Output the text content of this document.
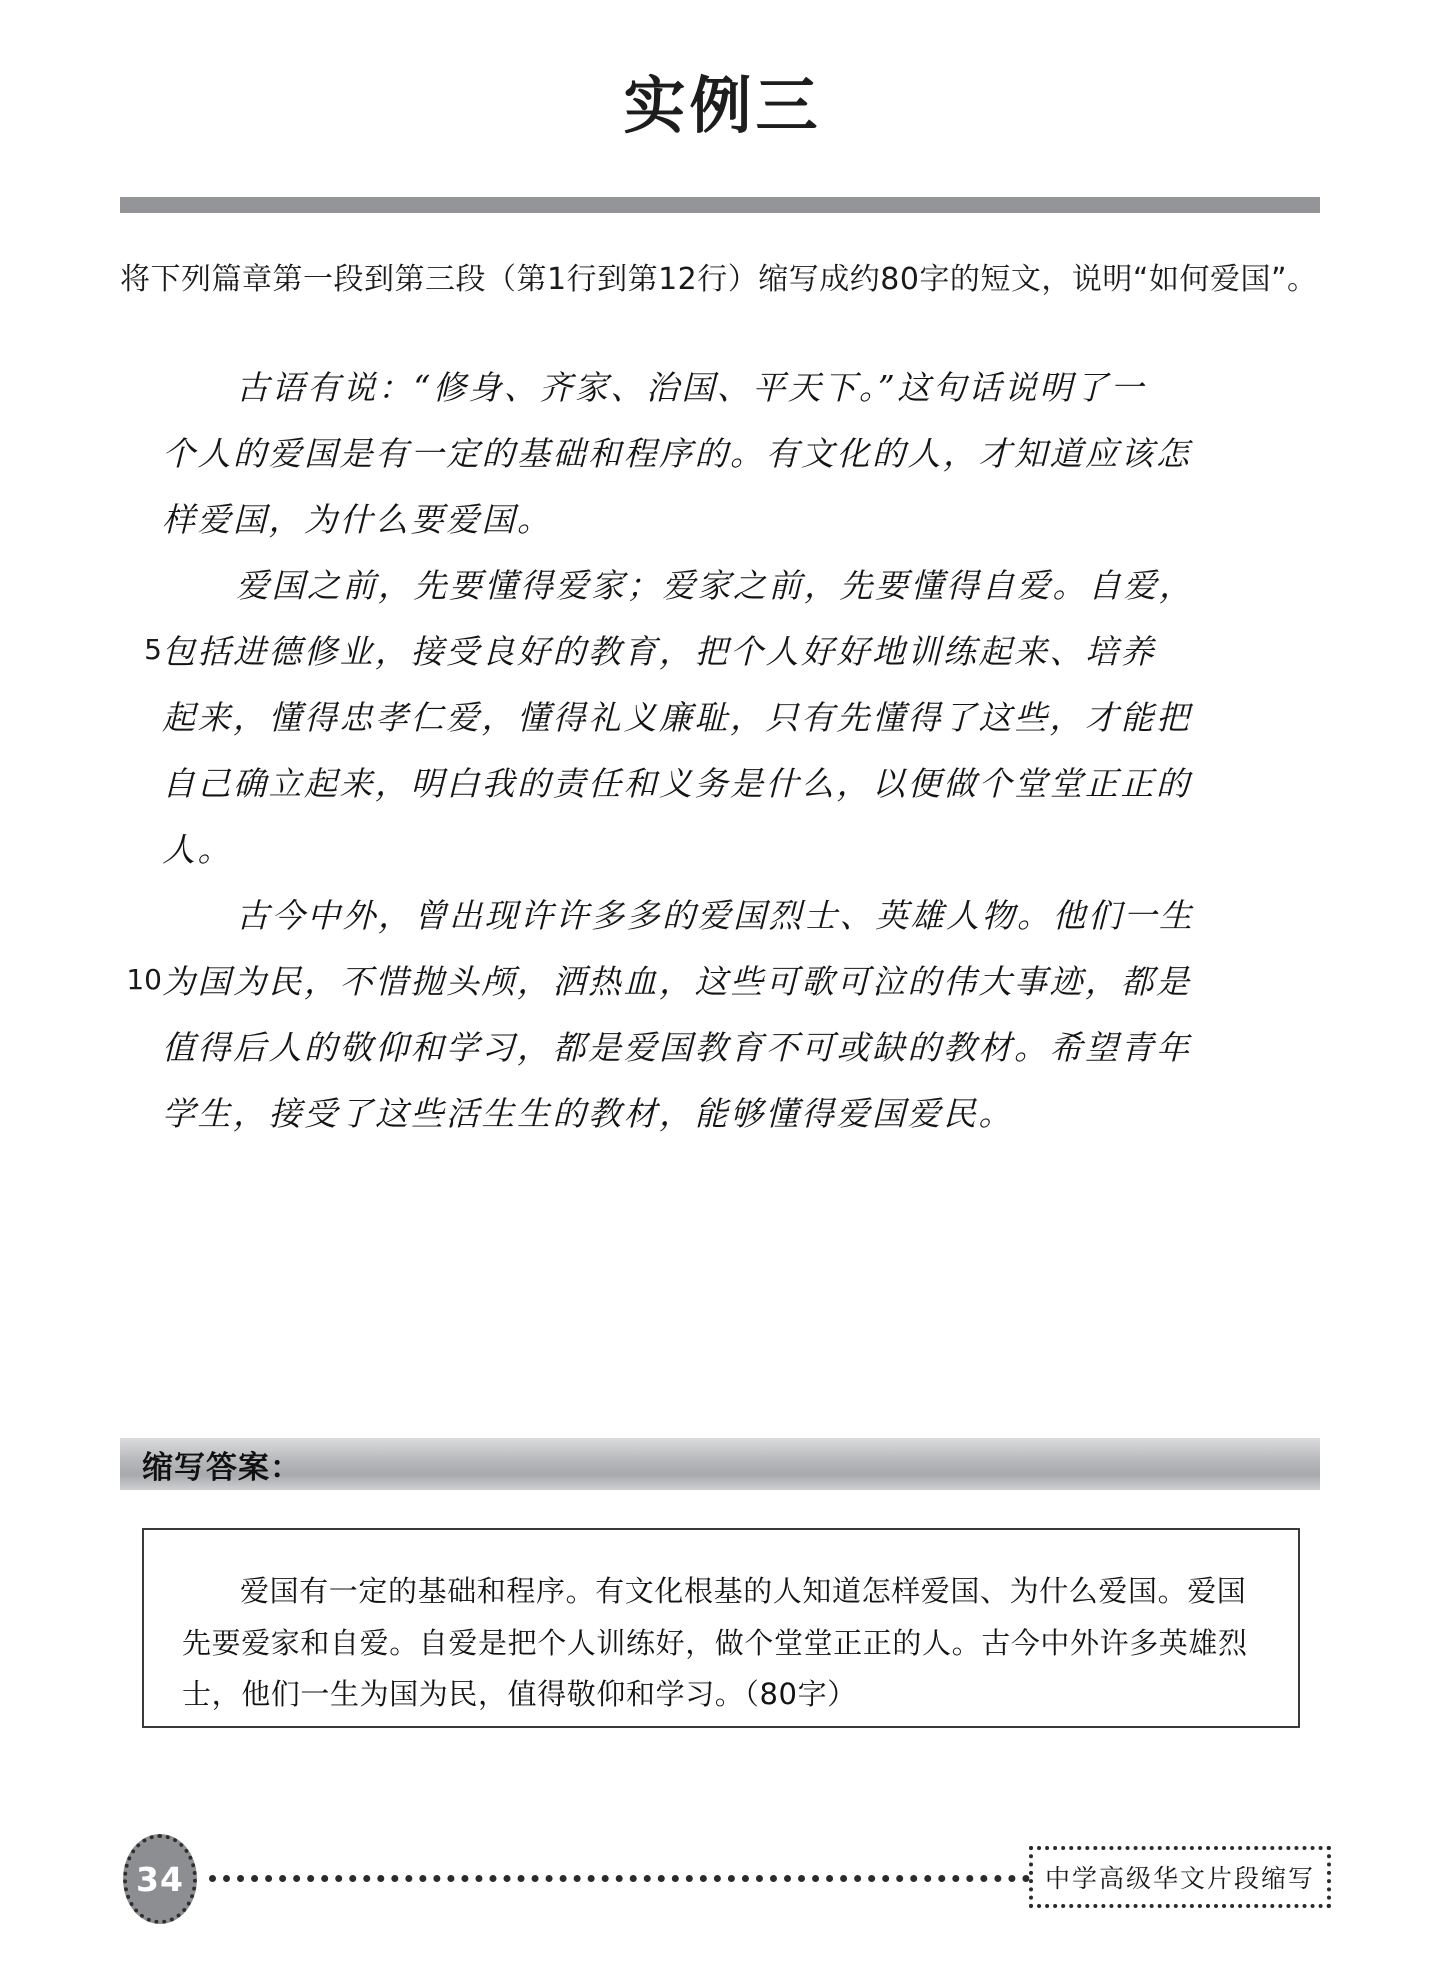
实例三
将下列篇章第一段到第三段（第1行到第12行）缩写成约80字的短文，说明“如何爱国”。
古语有说：“修身、齐家、治国、平天下。”这句话说明了一
个人的爱国是有一定的基础和程序的。有文化的人，才知道应该怎
样爱国，为什么要爱国。
爱国之前，先要懂得爱家；爱家之前，先要懂得自爱。自爱，
5 包括进德修业，接受良好的教育，把个人好好地训练起来、培养
起来，懂得忠孝仁爱，懂得礼义廉耻，只有先懂得了这些，才能把
自己确立起来，明白我的责任和义务是什么，以便做个堂堂正正的
人。
古今中外，曾出现许许多多的爱国烈士、英雄人物。他们一生
10 为国为民，不惜抛头颅，洒热血，这些可歌可泣的伟大事迹，都是
值得后人的敬仰和学习，都是爱国教育不可或缺的教材。希望青年
学生，接受了这些活生生的教材，能够懂得爱国爱民。
缩写答案：
爱国有一定的基础和程序。有文化根基的人知道怎样爱国、为什么爱国。爱国先要爱家和自爱。自爱是把个人训练好，做个堂堂正正的人。古今中外许多英雄烈士，他们一生为国为民，值得敬仰和学习。（80字）
34	中学高级华文片段缩写
